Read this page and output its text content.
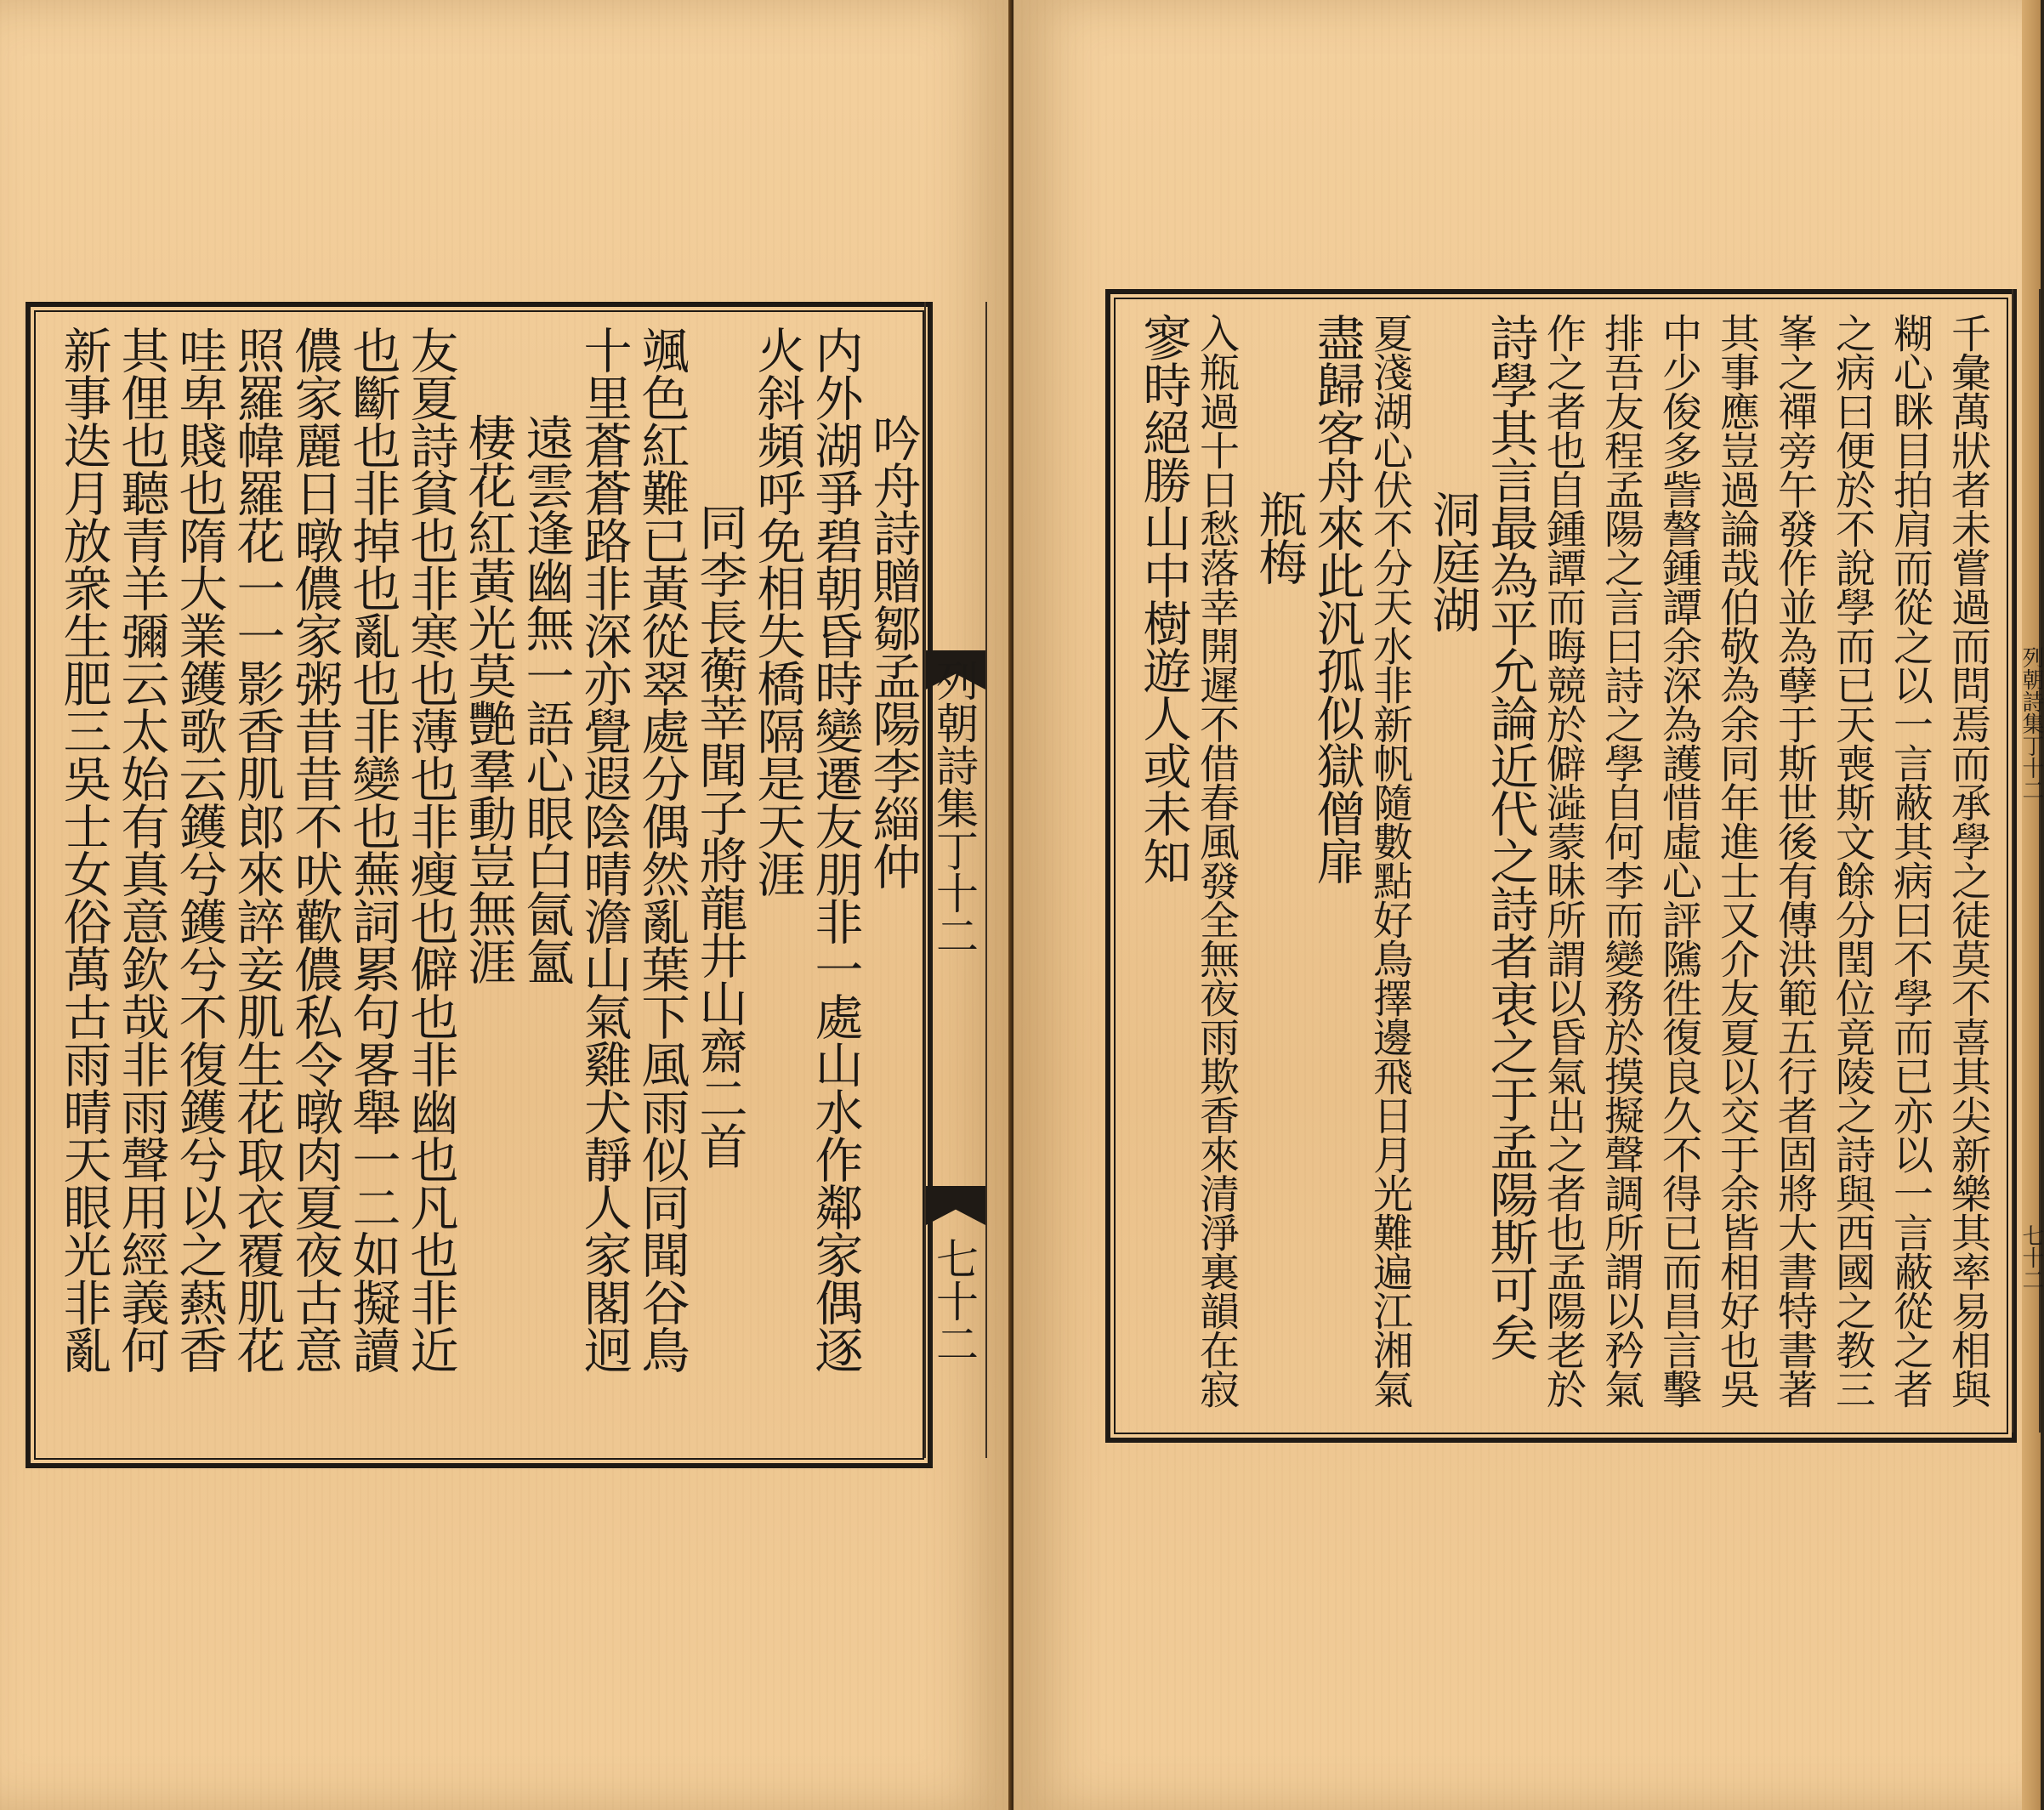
吟舟詩贈鄒孟陽李緇仲
内外湖爭碧朝昏時變遷友朋非一處山水作鄰家偶逐
火斜頻呼免相失橋隔是天涯
同李長蘅莘聞子將龍井山齋二首
颯色紅難已黃從翠處分偶然亂葉下風雨似同聞谷鳥
十里蒼蒼路非深亦覺遐陰晴澹山氣雞犬靜人家閣迥
遠雲逢幽無一語心眼白氤氳
棲花紅黃光莫艷羣動豈無涯
友夏詩貧也非寒也薄也非瘦也僻也非幽也凡也非近
也斷也非掉也亂也非變也蕪詞累句畧舉一二如擬讀
儂家麗日暾儂家粥昔昔不吠歡儂私令暾肉夏夜古意
照羅幃羅花一一影香肌郎來誶妾肌生花取衣覆肌花
哇卑賤也隋大業鑊歌云鑊兮鑊兮不復鑊兮以之爇香
其俚也聽青羊彌云太始有真意欽哉非雨聲用經義何
新事迭月放衆生肥三吳士女俗萬古雨晴天眼光非亂	列朝詩集丁十二
七十二	千彙萬狀者未嘗過而問焉而承學之徒莫不喜其尖新樂其率易相與
糊心眯目拍肩而從之以一言蔽其病曰不學而已亦以一言蔽從之者
之病曰便於不說學而已天喪斯文餘分閏位竟陵之詩與西國之教三
峯之禪旁午發作並為孽于斯世後有傳洪範五行者固將大書特書著
其事應豈過論哉伯敬為余同年進士又介友夏以交于余皆相好也吳
中少俊多訾謷鍾譚余深為護惜虛心評隲徃復良久不得已而昌言擊
排吾友程孟陽之言曰詩之學自何李而變務於摸擬聲調所謂以矜氣
作之者也自鍾譚而晦競於僻澁蒙昧所謂以昏氣出之者也孟陽老於
詩學其言最為平允論近代之詩者衷之于孟陽斯可矣
洞庭湖
夏淺湖心伏不分天水非新帆隨數點好鳥擇邊飛日月光難遍江湘氣
盡歸客舟來此汎孤似獄僧扉
瓶梅
入瓶過十日愁落幸開遲不借春風發全無夜雨欺香來清淨裏韻在寂
寥時絕勝山中樹遊人或未知	列朝詩集丁十二
七十二
